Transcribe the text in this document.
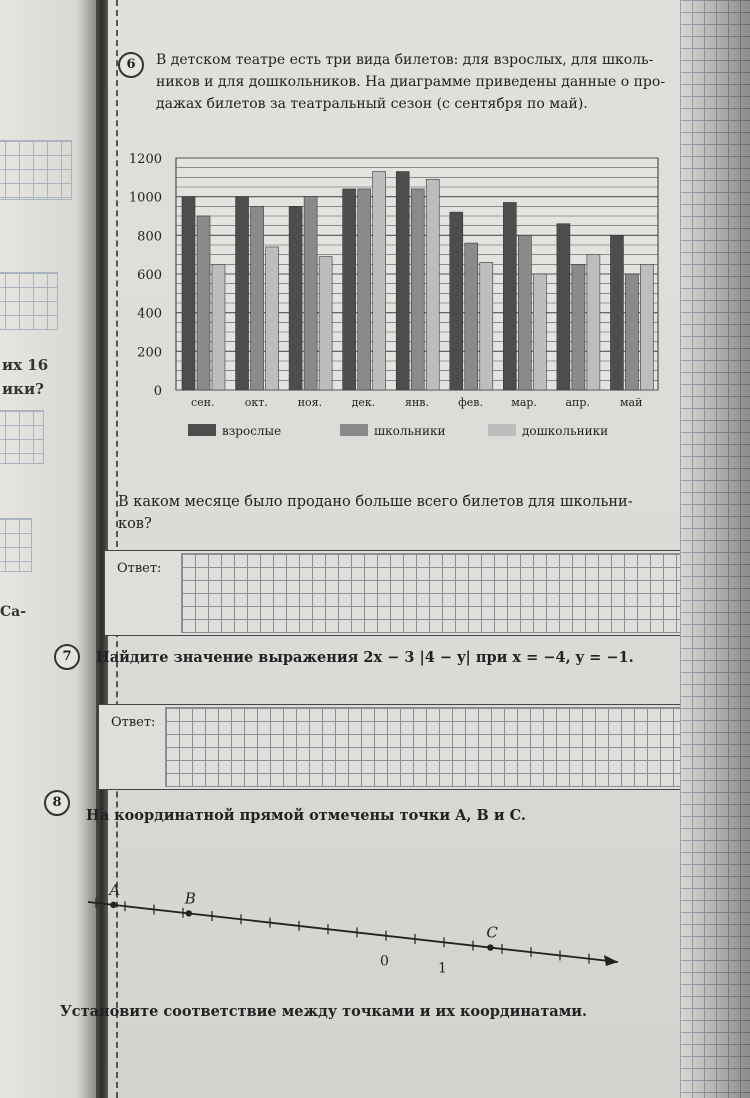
их 16
ики?
Са-
6	В детском театре есть три вида билетов: для взрослых, для школь-
ников и для дошкольников. На диаграмме приведены данные о про-
дажах билетов за театральный сезон (с сентября по май).
0
200
400
600
800
1000
1200
сен.	окт.	ноя.	дек.	янв.	фев.	мар.	апр.	май
взрослые	школьники	дошкольники
В каком месяце было продано больше всего билетов для школьни-
ков?
Ответ:
7	Найдите значение выражения 2x − 3 |4 − y| при x = −4, y = −1.
Ответ:
8
На координатной прямой отмечены точки A, B и C.
0	1
A	B
C
Установите соответствие между точками и их координатами.
